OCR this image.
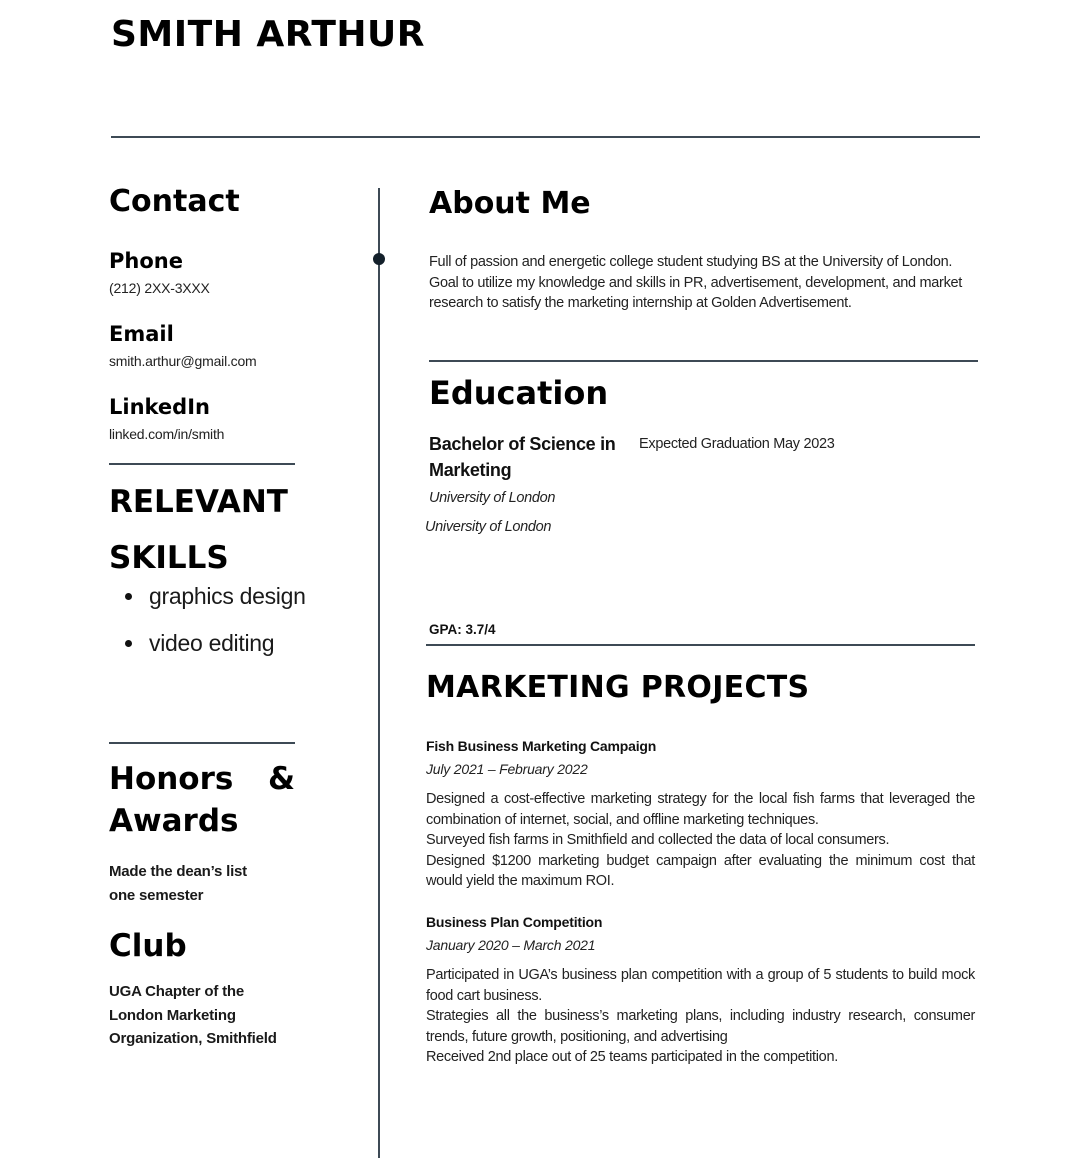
SMITH ARTHUR
Contact
Phone
(212) 2XX-3XXX
Email
smith.arthur@gmail.com
LinkedIn
linked.com/in/smith
RELEVANT
SKILLS
graphics design
video editing
Honors &
Awards
Made the dean’s list
one semester
Club
UGA Chapter of the
London Marketing
Organization, Smithfield
About Me
Full of passion and energetic college student studying BS at the University of London. Goal to utilize my knowledge and skills in PR, advertisement, development, and market research to satisfy the marketing internship at Golden Advertisement.
Education
Bachelor of Science in
Marketing
Expected Graduation May 2023
University of London
University of London
GPA: 3.7/4
MARKETING PROJECTS
Fish Business Marketing Campaign
July 2021 – February 2022
Designed a cost-effective marketing strategy for the local fish farms that leveraged the combination of internet, social, and offline marketing techniques.
Surveyed fish farms in Smithfield and collected the data of local consumers.
Designed $1200 marketing budget campaign after evaluating the minimum cost that would yield the maximum ROI.
Business Plan Competition
January 2020 – March 2021
Participated in UGA’s business plan competition with a group of 5 students to build mock food cart business.
Strategies all the business’s marketing plans, including industry research, consumer trends, future growth, positioning, and advertising
Received 2nd place out of 25 teams participated in the competition.
